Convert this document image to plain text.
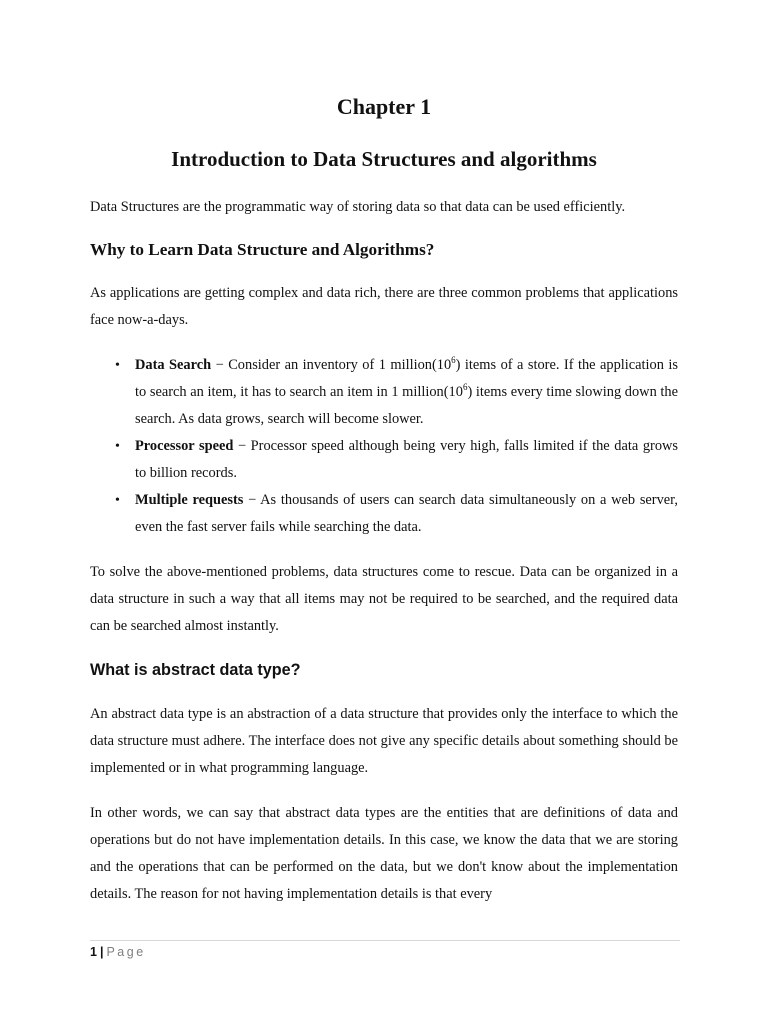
Chapter 1
Introduction to Data Structures and algorithms

Data Structures are the programmatic way of storing data so that data can be used efficiently.

Why to Learn Data Structure and Algorithms?

As applications are getting complex and data rich, there are three common problems that applications face now-a-days.

• Data Search − Consider an inventory of 1 $million(10^6)$ items of a store. If the application is to search an item, it has to search an item in 1 $million(10^6)$ items every time slowing down the search. As data grows, search will become slower.
• Processor speed − Processor speed although being very high, falls limited if the data grows to billion records.
• Multiple requests − As thousands of users can search data simultaneously on a web server, even the fast server fails while searching the data.

To solve the above-mentioned problems, data structures come to rescue. Data can be organized in a data structure in such a way that all items may not be required to be searched, and the required data can be searched almost instantly.

What is abstract data type?

An abstract data type is an abstraction of a data structure that provides only the interface to which the data structure must adhere. The interface does not give any specific details about something should be implemented or in what programming language.

In other words, we can say that abstract data types are the entities that are definitions of data and operations but do not have implementation details. In this case, we know the data that we are storing and the operations that can be performed on the data, but we don't know about the implementation details. The reason for not having implementation details is that every

1 | Page
